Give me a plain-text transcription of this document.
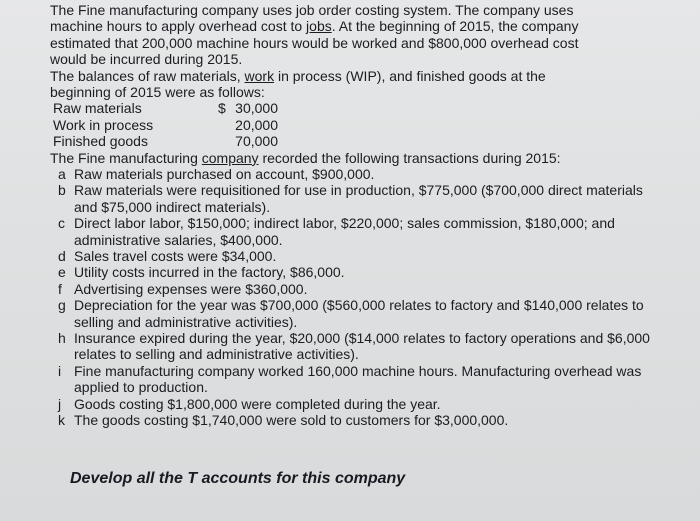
The Fine manufacturing company uses job order costing system. The company uses
machine hours to apply overhead cost to jobs. At the beginning of 2015, the company
estimated that 200,000 machine hours would be worked and $800,000 overhead cost
would be incurred during 2015.
The balances of raw materials, work in process (WIP), and finished goods at the
beginning of 2015 were as follows:
Raw materials	$ 30,000
Work in process	20,000
Finished goods	70,000
The Fine manufacturing company recorded the following transactions during 2015:
a Raw materials purchased on account, $900,000.
b Raw materials were requisitioned for use in production, $775,000 ($700,000 direct materials
and $75,000 indirect materials).
c Direct labor labor, $150,000; indirect labor, $220,000; sales commission, $180,000; and
administrative salaries, $400,000.
d Sales travel costs were $34,000.
e Utility costs incurred in the factory, $86,000.
f Advertising expenses were $360,000.
g Depreciation for the year was $700,000 ($560,000 relates to factory and $140,000 relates to
selling and administrative activities).
h Insurance expired during the year, $20,000 ($14,000 relates to factory operations and $6,000
relates to selling and administrative activities).
i Fine manufacturing company worked 160,000 machine hours. Manufacturing overhead was
applied to production.
j Goods costing $1,800,000 were completed during the year.
k The goods costing $1,740,000 were sold to customers for $3,000,000.
Develop all the T accounts for this company
